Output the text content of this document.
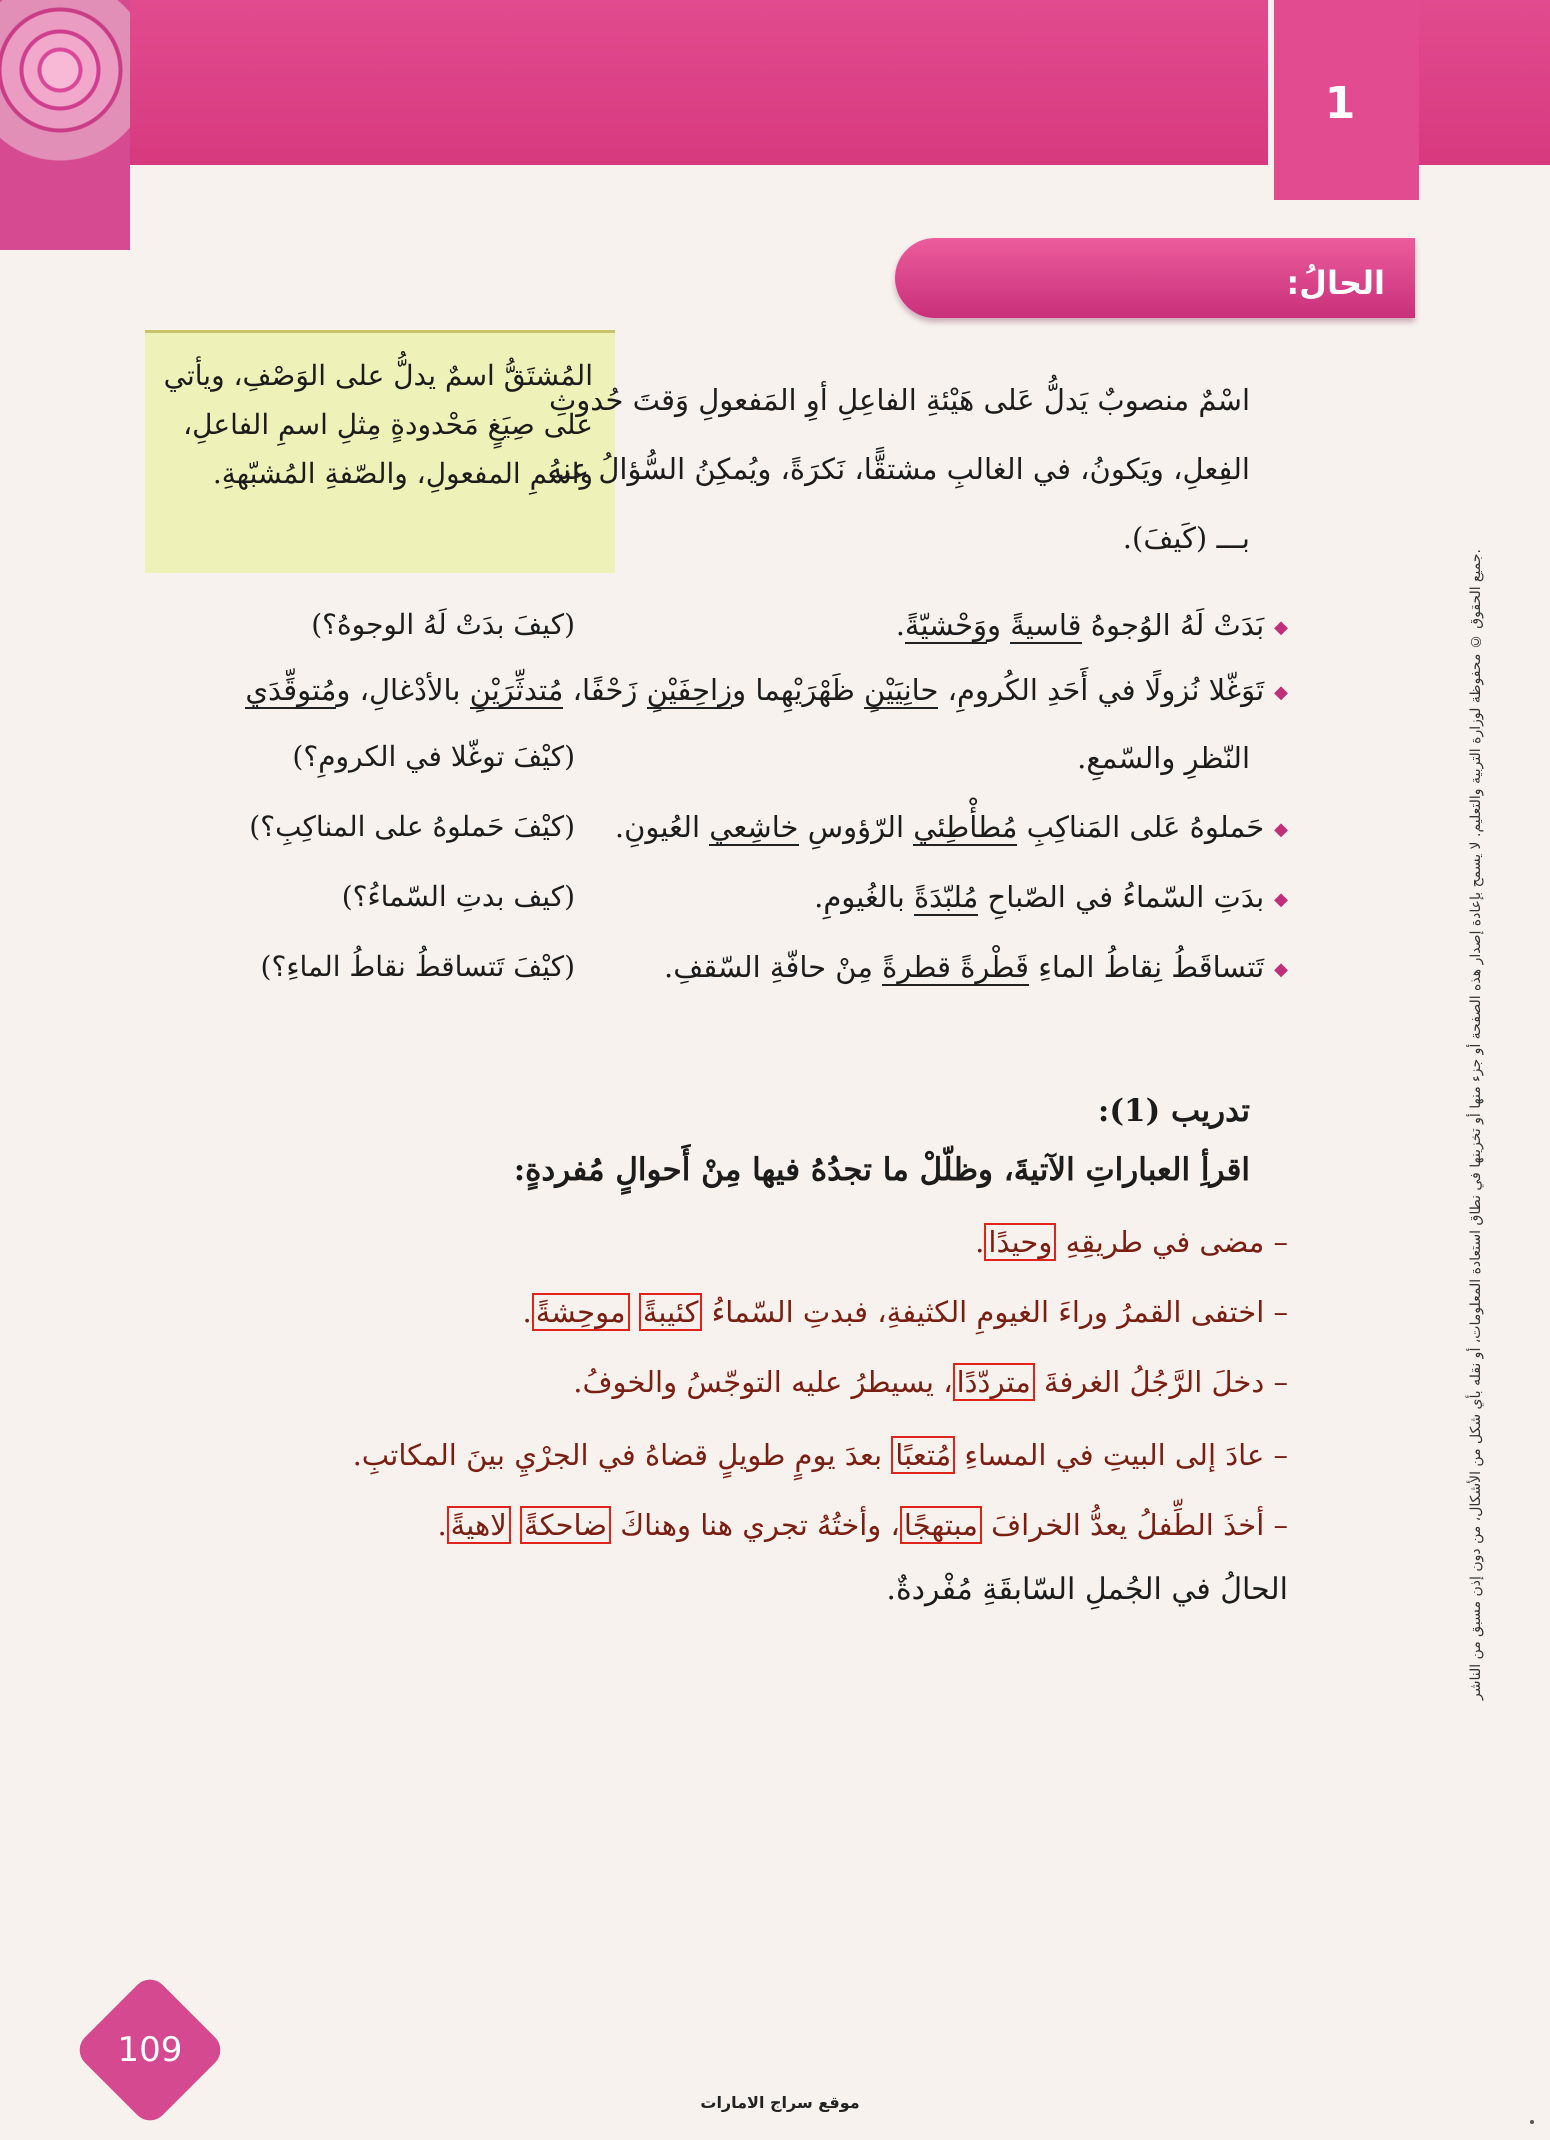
1
الحالُ:

المُشتَقُّ اسمٌ يدلُّ على الوَصْفِ، ويأتي على صِيَغٍ مَحْدودةٍ مِثلِ اسمِ الفاعلِ، واسمِ المفعولِ، والصّفةِ المُشبّهةِ.

اسْمٌ منصوبٌ يَدلُّ عَلى هَيْئةِ الفاعِلِ أوِ المَفعولِ وَقتَ حُدوثِ
الفِعلِ، ويَكونُ، في الغالبِ مشتقًّا، نَكرَةً، ويُمكِنُ السُّؤالُ عنهُ
بـــ (كَيفَ).
◆بَدَتْ لَهُ الوُجوهُ قاسيةً ووَحْشيّةً.
(كيفَ بدَتْ لَهُ الوجوهُ؟)
◆تَوَغّلا نُزولًا في أَحَدِ الكُرومِ، حانِيَيْنِ ظَهْرَيْهِما وزاحِفَيْنِ زَحْفًا، مُتدثِّرَيْنِ بالأدْغالِ، ومُتوقِّدَي
النّظرِ والسّمعِ.
(كيْفَ توغّلا في الكرومِ؟)
◆حَملوهُ عَلى المَناكِبِ مُطأْطِئي الرّؤوسِ خاشِعي العُيونِ.
(كيْفَ حَملوهُ على المناكِبِ؟)
◆بدَتِ السّماءُ في الصّباحِ مُلبّدَةً بالغُيومِ.
(كيف بدتِ السّماءُ؟)
◆تَتساقَطُ نِقاطُ الماءِ قَطْرةً قطرةً مِنْ حافّةِ السّقفِ.
(كيْفَ تَتساقطُ نقاطُ الماءِ؟)
تدريب (1):
اقرأِ العباراتِ الآتيةَ، وظلّلْ ما تجدُهُ فيها مِنْ أَحوالٍ مُفردةٍ:
– مضى في طريقِهِ وحيدًا.
– اختفى القمرُ وراءَ الغيومِ الكثيفةِ، فبدتِ السّماءُ كئيبةً موحِشةً.
– دخلَ الرَّجُلُ الغرفةَ متردّدًا، يسيطرُ عليه التوجّسُ والخوفُ.
– عادَ إلى البيتِ في المساءِ مُتعبًا بعدَ يومٍ طويلٍ قضاهُ في الجرْيِ بينَ المكاتبِ.
– أخذَ الطِّفلُ يعدُّ الخرافَ مبتهجًا، وأختُهُ تجري هنا وهناكَ ضاحكةً لاهيةً.
الحالُ في الجُملِ السّابقَةِ مُفْردةٌ.	جميع الحقوق © محفوظة لوزارة التربية والتعليم. لا يسمح بإعادة إصدار هذه الصفحة أو جزء منها أو تخزينها في نطاق استعادة المعلومات، أو نقله بأي شكل من الأشكال، من دون إذن مسبق من الناشر.
109
موقع سراج الامارات
